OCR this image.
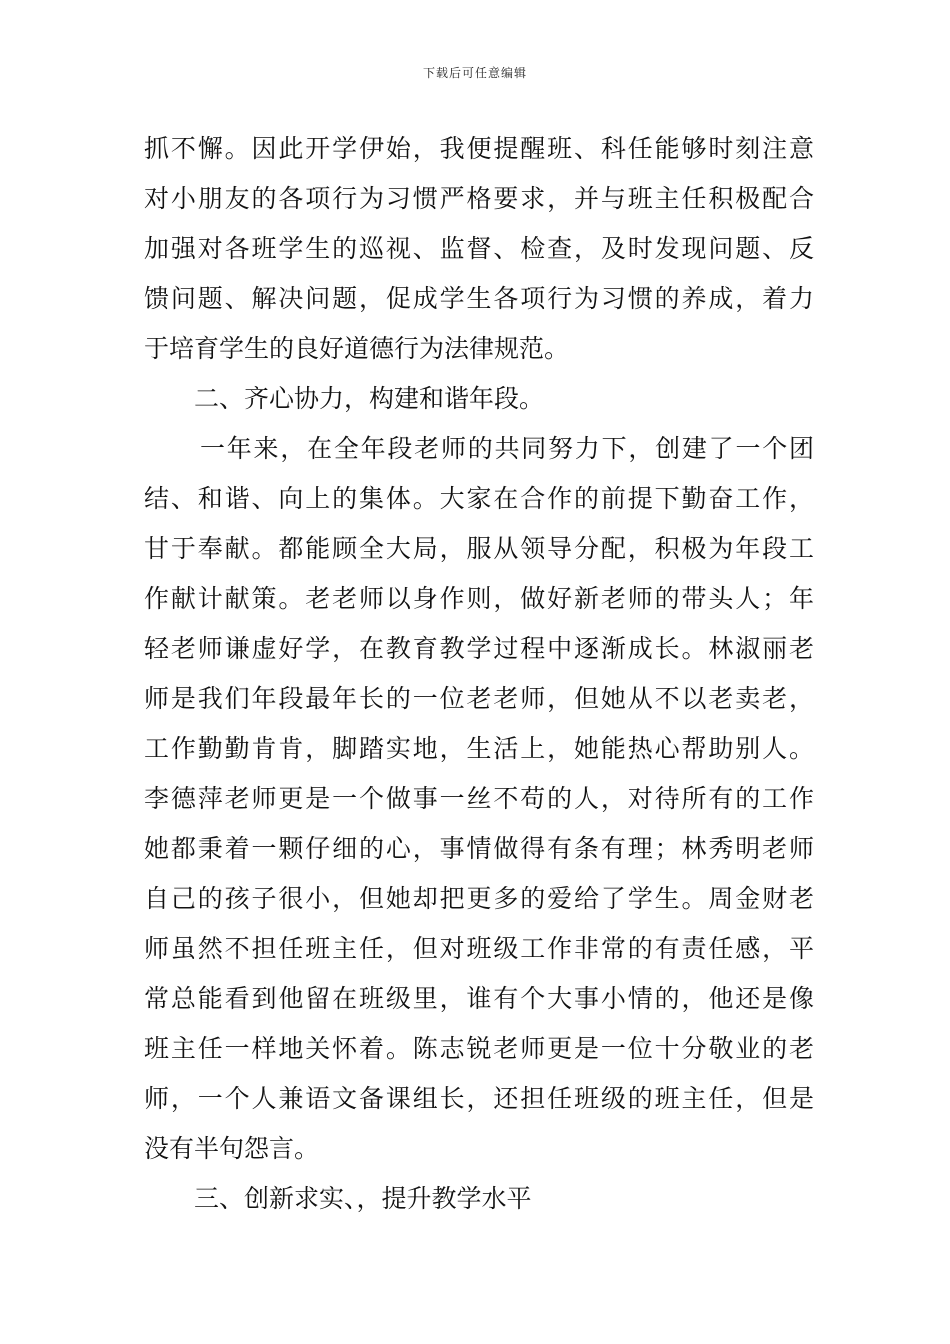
下载后可任意编辑
抓不懈。因此开学伊始，我便提醒班、科任能够时刻注意
对小朋友的各项行为习惯严格要求，并与班主任积极配合
加强对各班学生的巡视、监督、检查，及时发现问题、反
馈问题、解决问题，促成学生各项行为习惯的养成，着力
于培育学生的良好道德行为法律规范。
二、齐心协力，构建和谐年段。
一年来，在全年段老师的共同努力下，创建了一个团
结、和谐、向上的集体。大家在合作的前提下勤奋工作，
甘于奉献。都能顾全大局，服从领导分配，积极为年段工
作献计献策。老老师以身作则，做好新老师的带头人；年
轻老师谦虚好学，在教育教学过程中逐渐成长。林淑丽老
师是我们年段最年长的一位老老师，但她从不以老卖老，
工作勤勤肯肯，脚踏实地，生活上，她能热心帮助别人。
李德萍老师更是一个做事一丝不苟的人，对待所有的工作
她都秉着一颗仔细的心，事情做得有条有理；林秀明老师
自己的孩子很小，但她却把更多的爱给了学生。周金财老
师虽然不担任班主任，但对班级工作非常的有责任感，平
常总能看到他留在班级里，谁有个大事小情的，他还是像
班主任一样地关怀着。陈志锐老师更是一位十分敬业的老
师，一个人兼语文备课组长，还担任班级的班主任，但是
没有半句怨言。
三、创新求实、，提升教学水平
